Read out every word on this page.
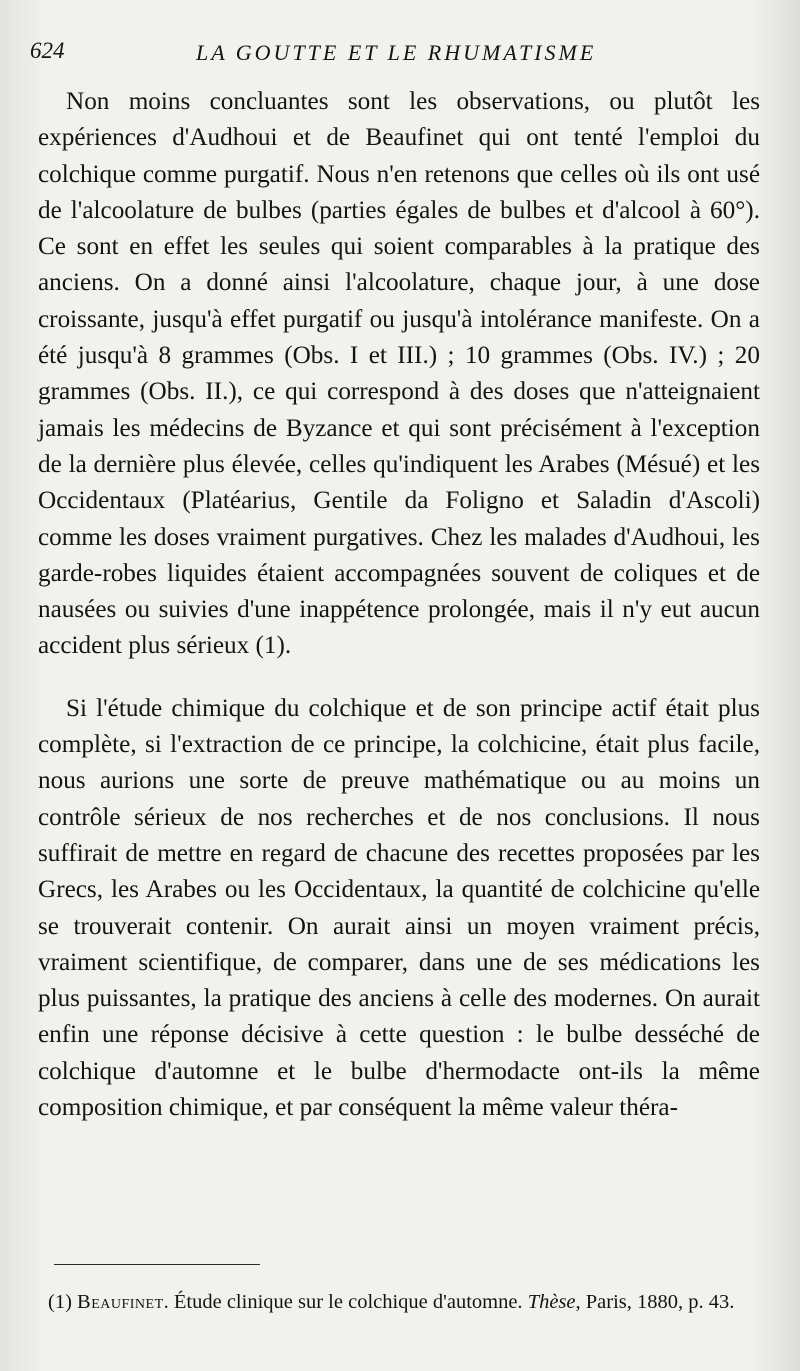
624	LA GOUTTE ET LE RHUMATISME

Non moins concluantes sont les observations, ou plutôt les expériences d'Audhoui et de Beaufinet qui ont tenté l'emploi du colchique comme purgatif. Nous n'en retenons que celles où ils ont usé de l'alcoolature de bulbes (parties égales de bulbes et d'alcool à 60°). Ce sont en effet les seules qui soient comparables à la pratique des anciens. On a donné ainsi l'alcoolature, chaque jour, à une dose croissante, jusqu'à effet purgatif ou jusqu'à intolérance manifeste. On a été jusqu'à 8 grammes (Obs. I et III.) ; 10 grammes (Obs. IV.) ; 20 grammes (Obs. II.), ce qui correspond à des doses que n'atteignaient jamais les médecins de Byzance et qui sont précisément à l'exception de la dernière plus élevée, celles qu'indiquent les Arabes (Mésué) et les Occidentaux (Platéarius, Gentile da Foligno et Saladin d'Ascoli) comme les doses vraiment purgatives. Chez les malades d'Audhoui, les garde-robes liquides étaient accompagnées souvent de coliques et de nausées ou suivies d'une inappétence prolongée, mais il n'y eut aucun accident plus sérieux (1).

Si l'étude chimique du colchique et de son principe actif était plus complète, si l'extraction de ce principe, la colchicine, était plus facile, nous aurions une sorte de preuve mathématique ou au moins un contrôle sérieux de nos recherches et de nos conclusions. Il nous suffirait de mettre en regard de chacune des recettes proposées par les Grecs, les Arabes ou les Occidentaux, la quantité de colchicine qu'elle se trouverait contenir. On aurait ainsi un moyen vraiment précis, vraiment scientifique, de comparer, dans une de ses médications les plus puissantes, la pratique des anciens à celle des modernes. On aurait enfin une réponse décisive à cette question : le bulbe desséché de colchique d'automne et le bulbe d'hermodacte ont-ils la même composition chimique, et par conséquent la même valeur théra-

(1) Beaufinet. Étude clinique sur le colchique d'automne. Thèse, Paris, 1880, p. 43.
